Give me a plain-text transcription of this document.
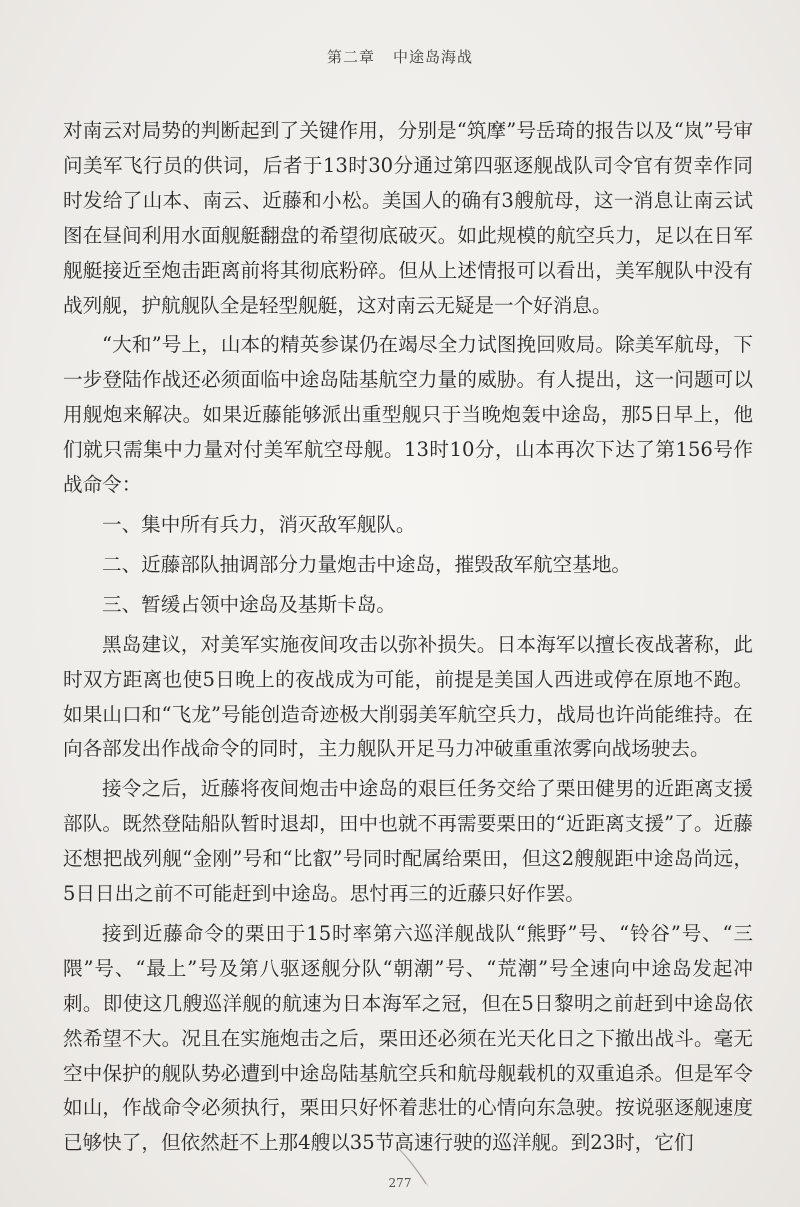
第二章 中途岛海战

对南云对局势的判断起到了关键作用，分别是“筑摩”号岳琦的报告以及“岚”号审问美军飞行员的供词，后者于13时30分通过第四驱逐舰战队司令官有贺幸作同时发给了山本、南云、近藤和小松。美国人的确有3艘航母，这一消息让南云试图在昼间利用水面舰艇翻盘的希望彻底破灭。如此规模的航空兵力，足以在日军舰艇接近至炮击距离前将其彻底粉碎。但从上述情报可以看出，美军舰队中没有战列舰，护航舰队全是轻型舰艇，这对南云无疑是一个好消息。

“大和”号上，山本的精英参谋仍在竭尽全力试图挽回败局。除美军航母，下一步登陆作战还必须面临中途岛陆基航空力量的威胁。有人提出，这一问题可以用舰炮来解决。如果近藤能够派出重型舰只于当晚炮轰中途岛，那5日早上，他们就只需集中力量对付美军航空母舰。13时10分，山本再次下达了第156号作战命令：

一、集中所有兵力，消灭敌军舰队。

二、近藤部队抽调部分力量炮击中途岛，摧毁敌军航空基地。

三、暂缓占领中途岛及基斯卡岛。

黑岛建议，对美军实施夜间攻击以弥补损失。日本海军以擅长夜战著称，此时双方距离也使5日晚上的夜战成为可能，前提是美国人西进或停在原地不跑。如果山口和“飞龙”号能创造奇迹极大削弱美军航空兵力，战局也许尚能维持。在向各部发出作战命令的同时，主力舰队开足马力冲破重重浓雾向战场驶去。

接令之后，近藤将夜间炮击中途岛的艰巨任务交给了栗田健男的近距离支援部队。既然登陆船队暂时退却，田中也就不再需要栗田的“近距离支援”了。近藤还想把战列舰“金刚”号和“比叡”号同时配属给栗田，但这2艘舰距中途岛尚远，5日日出之前不可能赶到中途岛。思忖再三的近藤只好作罢。

接到近藤命令的栗田于15时率第六巡洋舰战队“熊野”号、“铃谷”号、“三隈”号、“最上”号及第八驱逐舰分队“朝潮”号、“荒潮”号全速向中途岛发起冲刺。即使这几艘巡洋舰的航速为日本海军之冠，但在5日黎明之前赶到中途岛依然希望不大。况且在实施炮击之后，栗田还必须在光天化日之下撤出战斗。毫无空中保护的舰队势必遭到中途岛陆基航空兵和航母舰载机的双重追杀。但是军令如山，作战命令必须执行，栗田只好怀着悲壮的心情向东急驶。按说驱逐舰速度已够快了，但依然赶不上那4艘以35节高速行驶的巡洋舰。到23时，它们

277
